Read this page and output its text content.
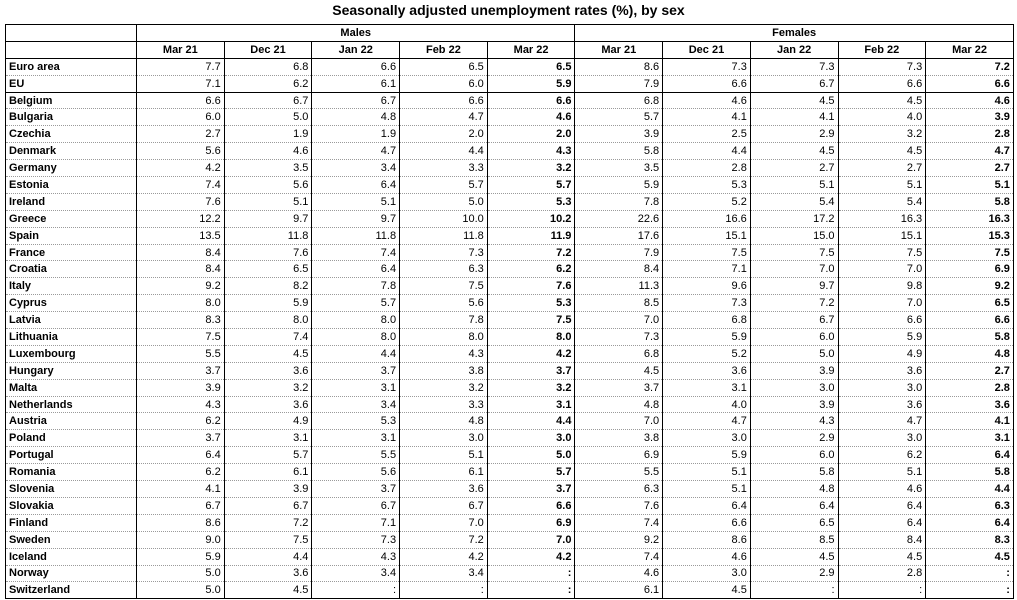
Seasonally adjusted unemployment rates (%), by sex
	Males					Females				
	Mar 21	Dec 21	Jan 22	Feb 22	Mar 22	Mar 21	Dec 21	Jan 22	Feb 22	Mar 22
Euro area	7.7	6.8	6.6	6.5	6.5	8.6	7.3	7.3	7.3	7.2
EU	7.1	6.2	6.1	6.0	5.9	7.9	6.6	6.7	6.6	6.6
Belgium	6.6	6.7	6.7	6.6	6.6	6.8	4.6	4.5	4.5	4.6
Bulgaria	6.0	5.0	4.8	4.7	4.6	5.7	4.1	4.1	4.0	3.9
Czechia	2.7	1.9	1.9	2.0	2.0	3.9	2.5	2.9	3.2	2.8
Denmark	5.6	4.6	4.7	4.4	4.3	5.8	4.4	4.5	4.5	4.7
Germany	4.2	3.5	3.4	3.3	3.2	3.5	2.8	2.7	2.7	2.7
Estonia	7.4	5.6	6.4	5.7	5.7	5.9	5.3	5.1	5.1	5.1
Ireland	7.6	5.1	5.1	5.0	5.3	7.8	5.2	5.4	5.4	5.8
Greece	12.2	9.7	9.7	10.0	10.2	22.6	16.6	17.2	16.3	16.3
Spain	13.5	11.8	11.8	11.8	11.9	17.6	15.1	15.0	15.1	15.3
France	8.4	7.6	7.4	7.3	7.2	7.9	7.5	7.5	7.5	7.5
Croatia	8.4	6.5	6.4	6.3	6.2	8.4	7.1	7.0	7.0	6.9
Italy	9.2	8.2	7.8	7.5	7.6	11.3	9.6	9.7	9.8	9.2
Cyprus	8.0	5.9	5.7	5.6	5.3	8.5	7.3	7.2	7.0	6.5
Latvia	8.3	8.0	8.0	7.8	7.5	7.0	6.8	6.7	6.6	6.6
Lithuania	7.5	7.4	8.0	8.0	8.0	7.3	5.9	6.0	5.9	5.8
Luxembourg	5.5	4.5	4.4	4.3	4.2	6.8	5.2	5.0	4.9	4.8
Hungary	3.7	3.6	3.7	3.8	3.7	4.5	3.6	3.9	3.6	2.7
Malta	3.9	3.2	3.1	3.2	3.2	3.7	3.1	3.0	3.0	2.8
Netherlands	4.3	3.6	3.4	3.3	3.1	4.8	4.0	3.9	3.6	3.6
Austria	6.2	4.9	5.3	4.8	4.4	7.0	4.7	4.3	4.7	4.1
Poland	3.7	3.1	3.1	3.0	3.0	3.8	3.0	2.9	3.0	3.1
Portugal	6.4	5.7	5.5	5.1	5.0	6.9	5.9	6.0	6.2	6.4
Romania	6.2	6.1	5.6	6.1	5.7	5.5	5.1	5.8	5.1	5.8
Slovenia	4.1	3.9	3.7	3.6	3.7	6.3	5.1	4.8	4.6	4.4
Slovakia	6.7	6.7	6.7	6.7	6.6	7.6	6.4	6.4	6.4	6.3
Finland	8.6	7.2	7.1	7.0	6.9	7.4	6.6	6.5	6.4	6.4
Sweden	9.0	7.5	7.3	7.2	7.0	9.2	8.6	8.5	8.4	8.3
Iceland	5.9	4.4	4.3	4.2	4.2	7.4	4.6	4.5	4.5	4.5
Norway	5.0	3.6	3.4	3.4	:	4.6	3.0	2.9	2.8	:
Switzerland	5.0	4.5	:	:	:	6.1	4.5	:	:	:
